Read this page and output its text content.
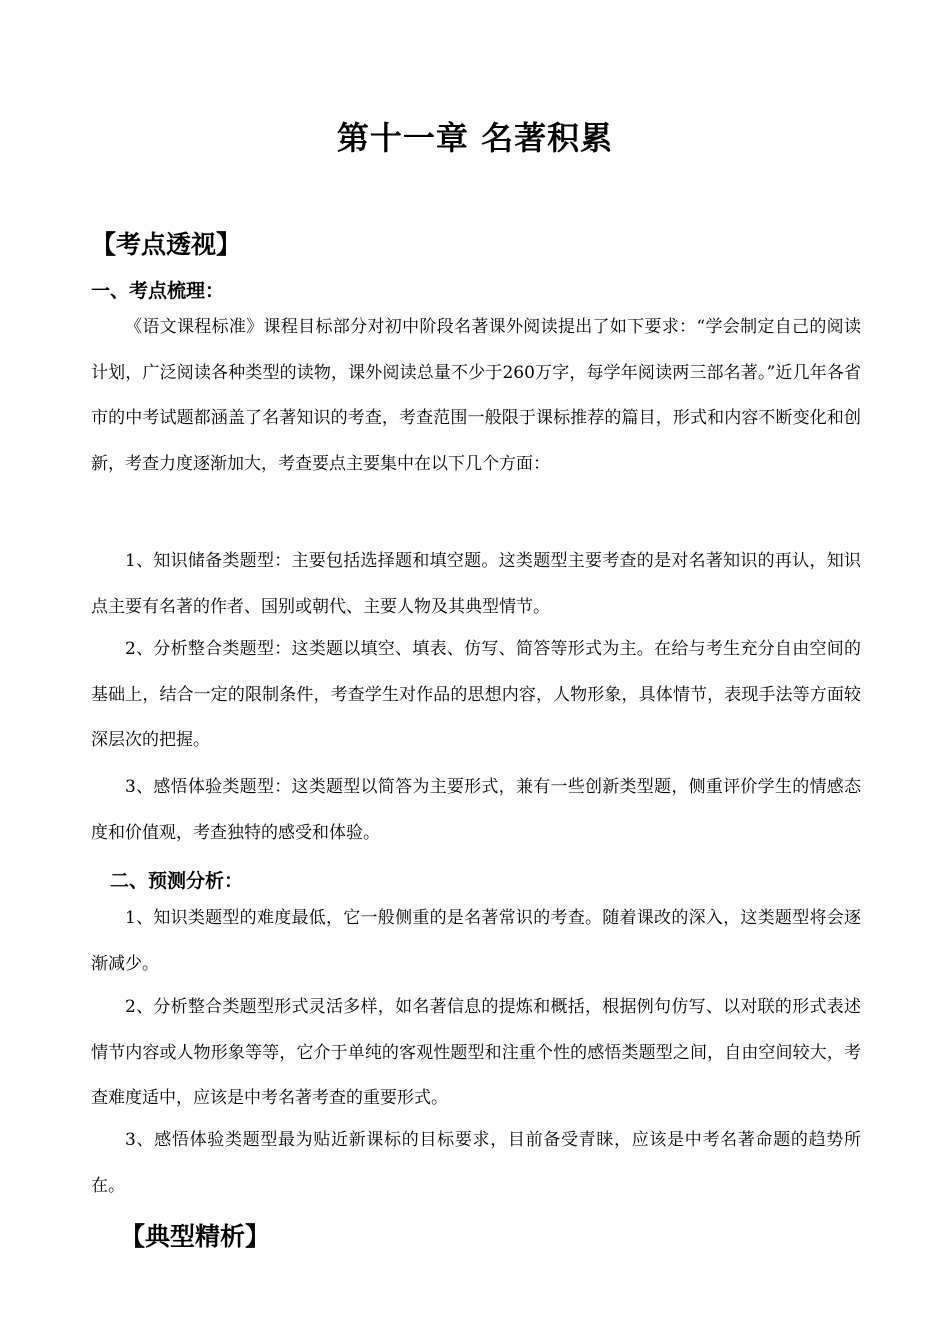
第十一章 名著积累
【考点透视】
一、考点梳理：

《语文课程标准》课程目标部分对初中阶段名著课外阅读提出了如下要求：“学会制定自己的阅读计划，广泛阅读各种类型的读物，课外阅读总量不少于260万字，每学年阅读两三部名著。”近几年各省市的中考试题都涵盖了名著知识的考查，考查范围一般限于课标推荐的篇目，形式和内容不断变化和创新，考查力度逐渐加大，考查要点主要集中在以下几个方面：

1、知识储备类题型：主要包括选择题和填空题。这类题型主要考查的是对名著知识的再认，知识点主要有名著的作者、国别或朝代、主要人物及其典型情节。

2、分析整合类题型：这类题以填空、填表、仿写、简答等形式为主。在给与考生充分自由空间的基础上，结合一定的限制条件，考查学生对作品的思想内容，人物形象，具体情节，表现手法等方面较深层次的把握。

3、感悟体验类题型：这类题型以简答为主要形式，兼有一些创新类型题，侧重评价学生的情感态度和价值观，考查独特的感受和体验。

二、预测分析：

1、知识类题型的难度最低，它一般侧重的是名著常识的考查。随着课改的深入，这类题型将会逐渐减少。

2、分析整合类题型形式灵活多样，如名著信息的提炼和概括，根据例句仿写、以对联的形式表述情节内容或人物形象等等，它介于单纯的客观性题型和注重个性的感悟类题型之间，自由空间较大，考查难度适中，应该是中考名著考查的重要形式。

3、感悟体验类题型最为贴近新课标的目标要求，目前备受青睐，应该是中考名著命题的趋势所在。

【典型精析】
